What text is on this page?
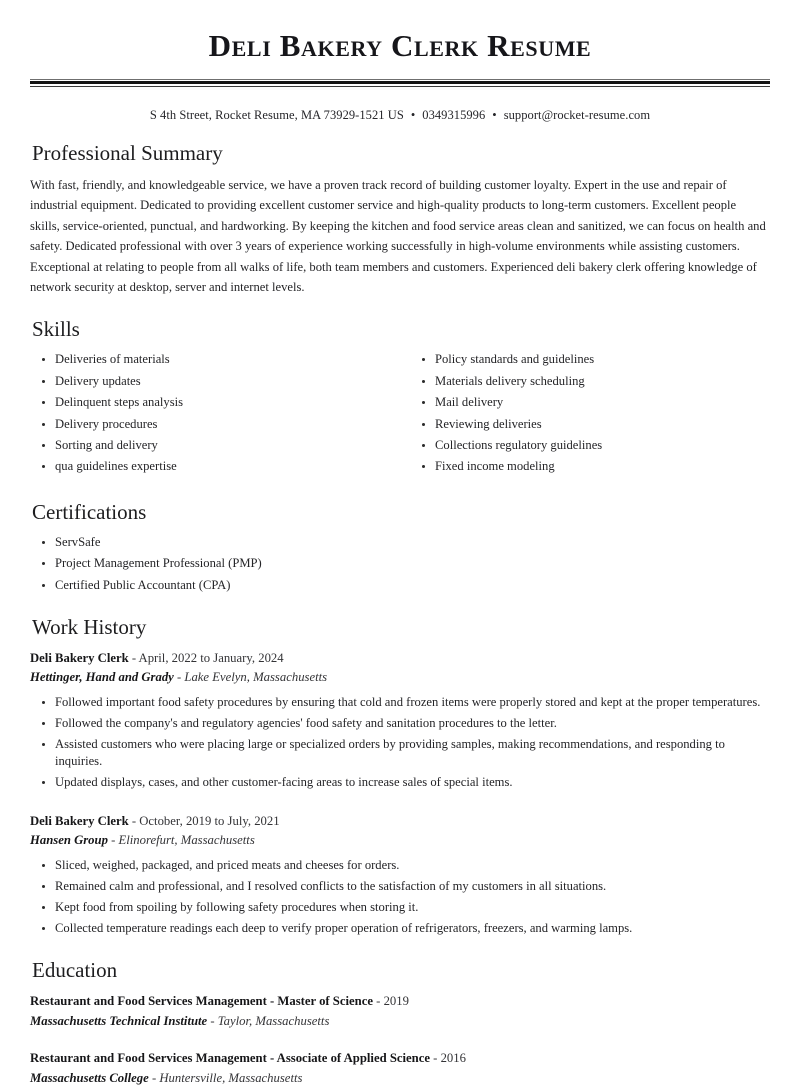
Deli Bakery Clerk Resume
S 4th Street, Rocket Resume, MA 73929-1521 US • 0349315996 • support@rocket-resume.com
Professional Summary

With fast, friendly, and knowledgeable service, we have a proven track record of building customer loyalty. Expert in the use and repair of industrial equipment. Dedicated to providing excellent customer service and high-quality products to long-term customers. Excellent people skills, service-oriented, punctual, and hardworking. By keeping the kitchen and food service areas clean and sanitized, we can focus on health and safety. Dedicated professional with over 3 years of experience working successfully in high-volume environments while assisting customers. Exceptional at relating to people from all walks of life, both team members and customers. Experienced deli bakery clerk offering knowledge of network security at desktop, server and internet levels.

Skills
Deliveries of materials
Delivery updates
Delinquent steps analysis
Delivery procedures
Sorting and delivery
qua guidelines expertise
Policy standards and guidelines
Materials delivery scheduling
Mail delivery
Reviewing deliveries
Collections regulatory guidelines
Fixed income modeling
Certifications
ServSafe
Project Management Professional (PMP)
Certified Public Accountant (CPA)
Work History
Deli Bakery Clerk - April, 2022 to January, 2024
Hettinger, Hand and Grady - Lake Evelyn, Massachusetts
Followed important food safety procedures by ensuring that cold and frozen items were properly stored and kept at the proper temperatures.
Followed the company's and regulatory agencies' food safety and sanitation procedures to the letter.
Assisted customers who were placing large or specialized orders by providing samples, making recommendations, and responding to inquiries.
Updated displays, cases, and other customer-facing areas to increase sales of special items.
Deli Bakery Clerk - October, 2019 to July, 2021
Hansen Group - Elinorefurt, Massachusetts
Sliced, weighed, packaged, and priced meats and cheeses for orders.
Remained calm and professional, and I resolved conflicts to the satisfaction of my customers in all situations.
Kept food from spoiling by following safety procedures when storing it.
Collected temperature readings each deep to verify proper operation of refrigerators, freezers, and warming lamps.
Education
Restaurant and Food Services Management - Master of Science - 2019
Massachusetts Technical Institute - Taylor, Massachusetts
Restaurant and Food Services Management - Associate of Applied Science - 2016
Massachusetts College - Huntersville, Massachusetts
